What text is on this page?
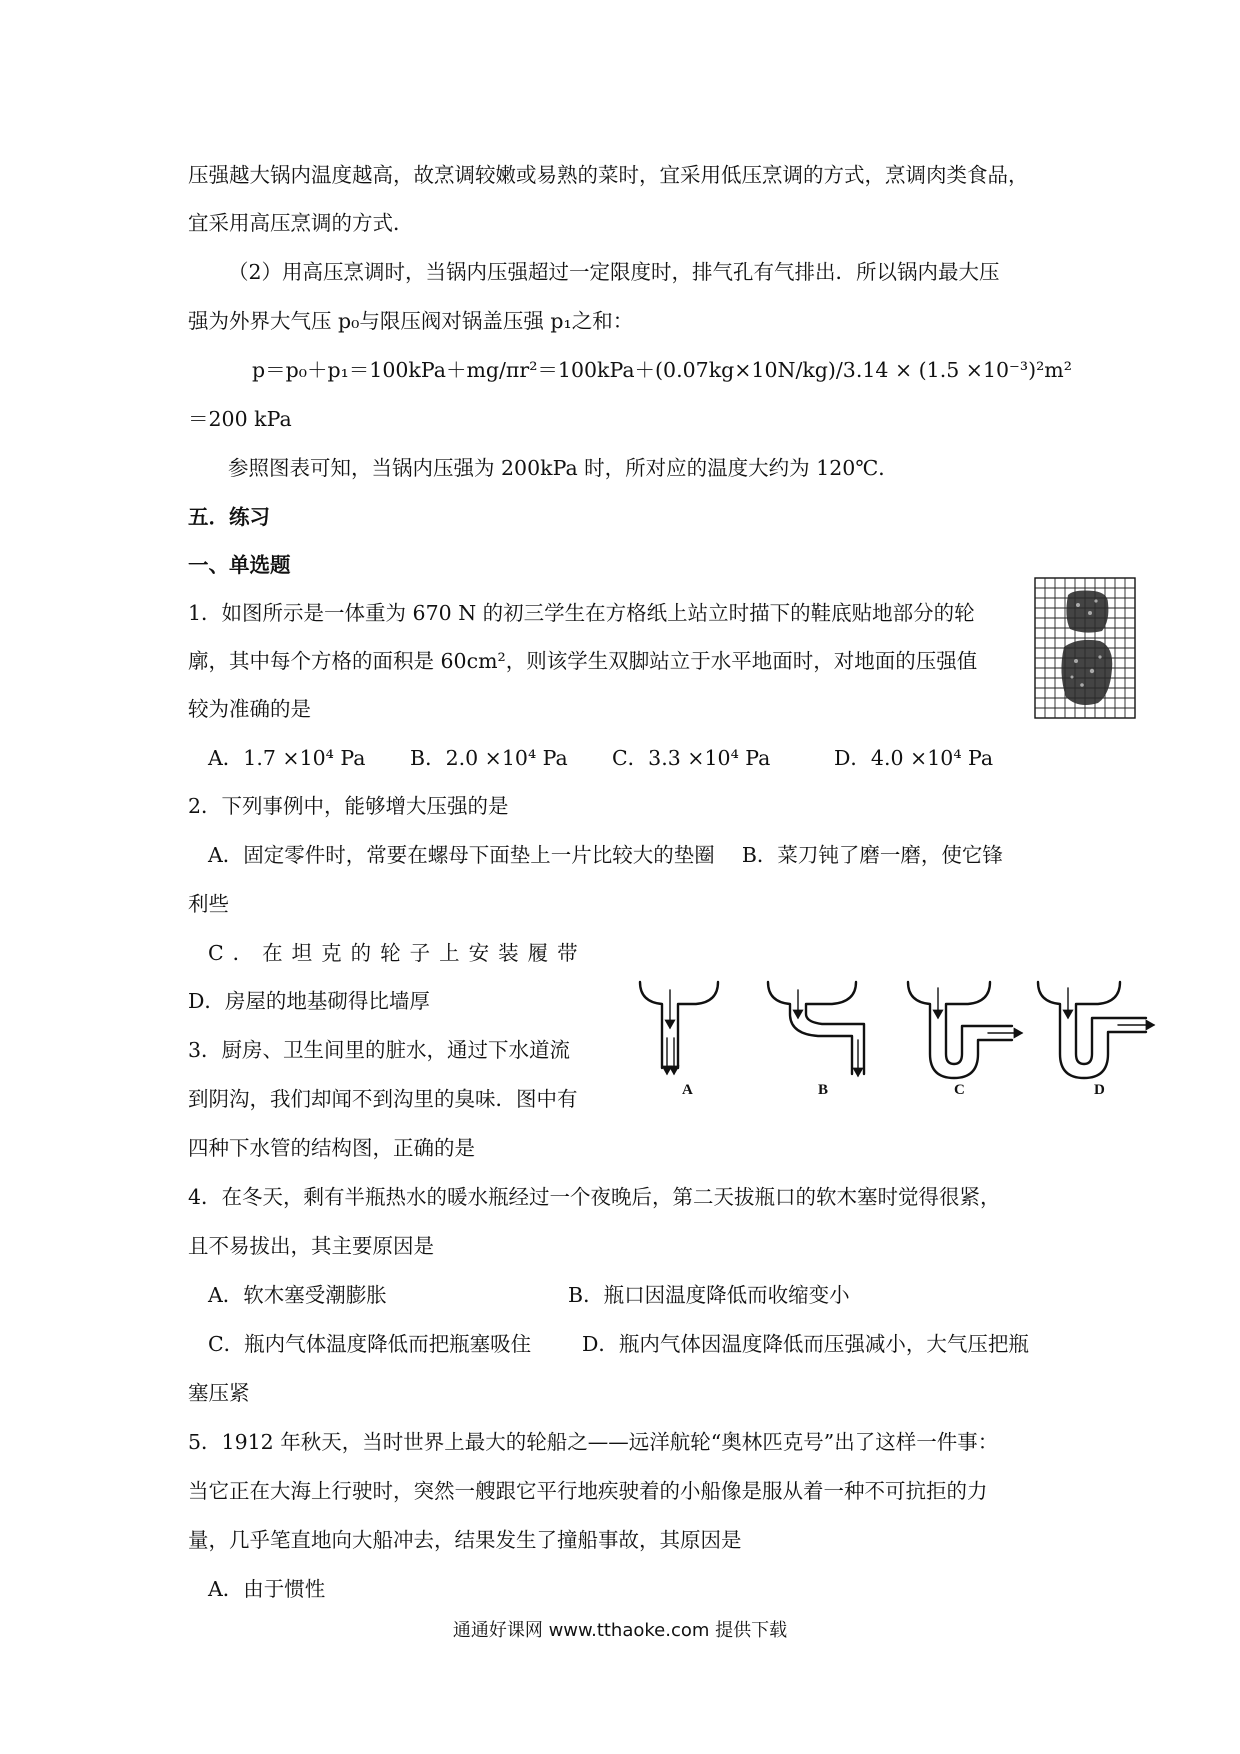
压强越大锅内温度越高，故烹调较嫩或易熟的菜时，宜采用低压烹调的方式，烹调肉类食品，
宜采用高压烹调的方式．
（2）用高压烹调时，当锅内压强超过一定限度时，排气孔有气排出．所以锅内最大压
强为外界大气压 p₀与限压阀对锅盖压强 p₁之和：
p＝p₀＋p₁＝100kPa＋mg/πr²＝100kPa＋(0.07kg×10N/kg)/3.14 × (1.5 ×10⁻³)²m²
＝200 kPa
参照图表可知，当锅内压强为 200kPa 时，所对应的温度大约为 120℃．
五．练习
一、单选题
1．如图所示是一体重为 670 N 的初三学生在方格纸上站立时描下的鞋底贴地部分的轮
廓，其中每个方格的面积是 60cm²，则该学生双脚站立于水平地面时，对地面的压强值
较为准确的是
A．1.7 ×10⁴ Pa B．2.0 ×10⁴ Pa C．3.3 ×10⁴ Pa	D．4.0 ×10⁴ Pa
2．下列事例中，能够增大压强的是
A．固定零件时，常要在螺母下面垫上一片比较大的垫圈　 B．菜刀钝了磨一磨，使它锋
利些
C．在坦克的轮子上安装履带
D．房屋的地基砌得比墙厚
3．厨房、卫生间里的脏水，通过下水道流
到阴沟，我们却闻不到沟里的臭味．图中有
四种下水管的结构图，正确的是
A	B	C	D
4．在冬天，剩有半瓶热水的暖水瓶经过一个夜晚后，第二天拔瓶口的软木塞时觉得很紧，
且不易拔出，其主要原因是
A．软木塞受潮膨胀	B．瓶口因温度降低而收缩变小
C．瓶内气体温度降低而把瓶塞吸住 D．瓶内气体因温度降低而压强减小，大气压把瓶
塞压紧
5．1912 年秋天，当时世界上最大的轮船之——远洋航轮“奥林匹克号”出了这样一件事：
当它正在大海上行驶时，突然一艘跟它平行地疾驶着的小船像是服从着一种不可抗拒的力
量，几乎笔直地向大船冲去，结果发生了撞船事故，其原因是
A．由于惯性
通通好课网 www.tthaoke.com 提供下载
